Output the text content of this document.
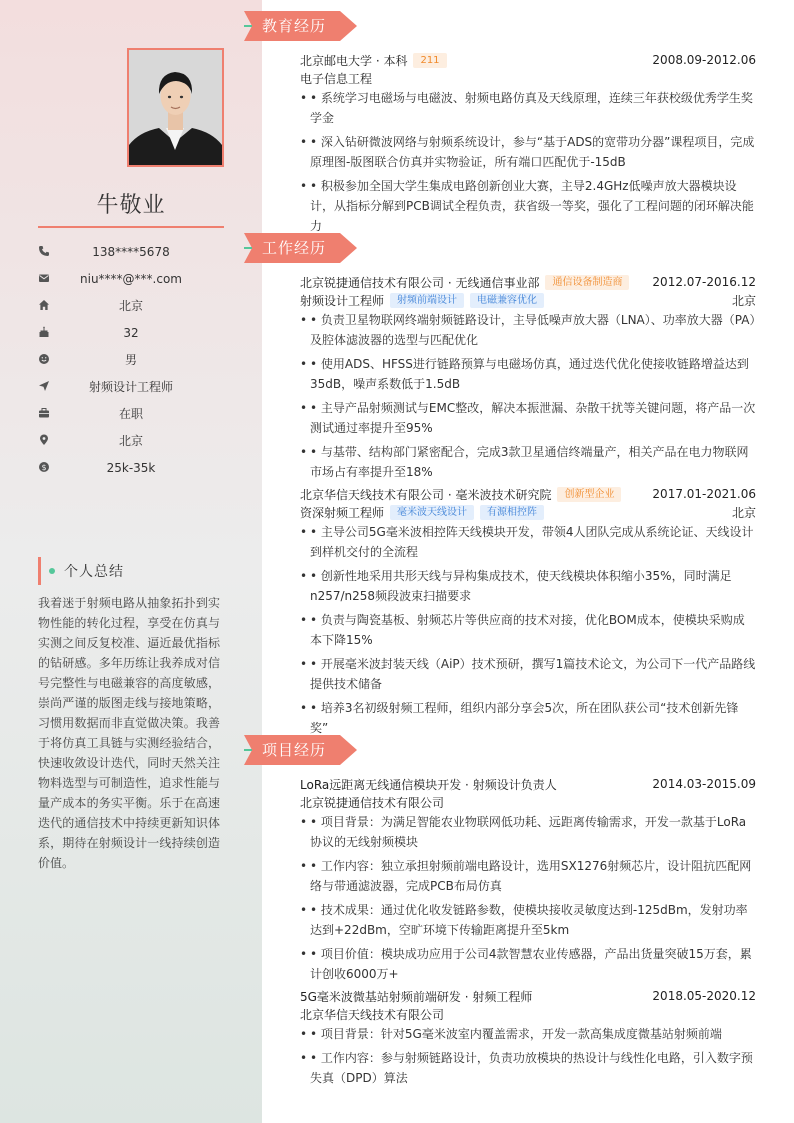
牛敬业
138****5678
niu****@***.com
北京
32
男
射频设计工程师
在职
北京
$	25k-35k
个人总结
我着迷于射频电路从抽象拓扑到实物性能的转化过程，享受在仿真与实测之间反复校准、逼近最优指标的钻研感。多年历练让我养成对信号完整性与电磁兼容的高度敏感，崇尚严谨的版图走线与接地策略，习惯用数据而非直觉做决策。我善于将仿真工具链与实测经验结合，快速收敛设计迭代，同时天然关注物料选型与可制造性，追求性能与量产成本的务实平衡。乐于在高速迭代的通信技术中持续更新知识体系，期待在射频设计一线持续创造价值。
教育经历
北京邮电大学 · 本科	211	2008.09-2012.06
电子信息工程
• • 系统学习电磁场与电磁波、射频电路仿真及天线原理，连续三年获校级优秀学生奖学金
• • 深入钻研微波网络与射频系统设计，参与“基于ADS的宽带功分器”课程项目，完成原理图-版图联合仿真并实物验证，所有端口匹配优于-15dB
• • 积极参加全国大学生集成电路创新创业大赛，主导2.4GHz低噪声放大器模块设计，从指标分解到PCB调试全程负责，获省级一等奖，强化了工程问题的闭环解决能力
工作经历
北京锐捷通信技术有限公司 · 无线通信事业部	通信设备制造商	2012.07-2016.12
射频设计工程师	射频前端设计	电磁兼容优化	北京
• • 负责卫星物联网终端射频链路设计，主导低噪声放大器（LNA）、功率放大器（PA）及腔体滤波器的选型与匹配优化
• • 使用ADS、HFSS进行链路预算与电磁场仿真，通过迭代优化使接收链路增益达到35dB，噪声系数低于1.5dB
• • 主导产品射频测试与EMC整改，解决本振泄漏、杂散干扰等关键问题，将产品一次测试通过率提升至95%
• • 与基带、结构部门紧密配合，完成3款卫星通信终端量产，相关产品在电力物联网市场占有率提升至18%
北京华信天线技术有限公司 · 毫米波技术研究院	创新型企业	2017.01-2021.06
资深射频工程师	毫米波天线设计	有源相控阵	北京
• • 主导公司5G毫米波相控阵天线模块开发，带领4人团队完成从系统论证、天线设计到样机交付的全流程
• • 创新性地采用共形天线与异构集成技术，使天线模块体积缩小35%，同时满足n257/n258频段波束扫描要求
• • 负责与陶瓷基板、射频芯片等供应商的技术对接，优化BOM成本，使模块采购成本下降15%
• • 开展毫米波封装天线（AiP）技术预研，撰写1篇技术论文，为公司下一代产品路线提供技术储备
• • 培养3名初级射频工程师，组织内部分享会5次，所在团队获公司“技术创新先锋奖”
项目经历
LoRa远距离无线通信模块开发 · 射频设计负责人	2014.03-2015.09
北京锐捷通信技术有限公司
• • 项目背景：为满足智能农业物联网低功耗、远距离传输需求，开发一款基于LoRa协议的无线射频模块
• • 工作内容：独立承担射频前端电路设计，选用SX1276射频芯片，设计阻抗匹配网络与带通滤波器，完成PCB布局仿真
• • 技术成果：通过优化收发链路参数，使模块接收灵敏度达到-125dBm，发射功率达到+22dBm，空旷环境下传输距离提升至5km
• • 项目价值：模块成功应用于公司4款智慧农业传感器，产品出货量突破15万套，累计创收6000万+
5G毫米波微基站射频前端研发 · 射频工程师	2018.05-2020.12
北京华信天线技术有限公司
• • 项目背景：针对5G毫米波室内覆盖需求，开发一款高集成度微基站射频前端
• • 工作内容：参与射频链路设计，负责功放模块的热设计与线性化电路，引入数字预失真（DPD）算法
